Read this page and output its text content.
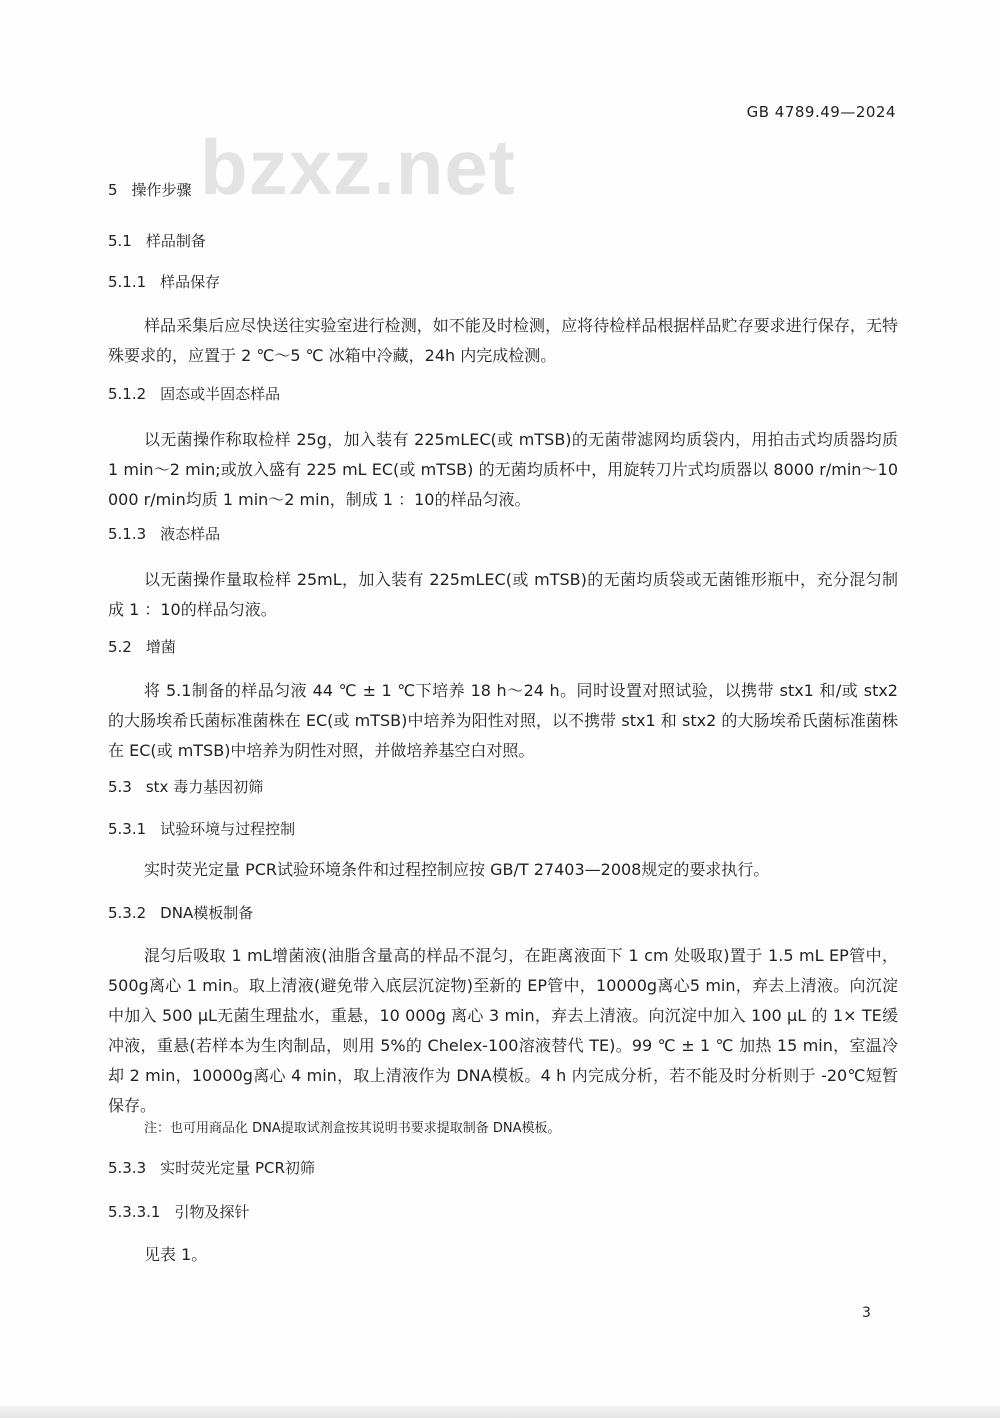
GB 4789.49—2024
bzxz.net
5 操作步骤
5.1 样品制备
5.1.1 样品保存
样品采集后应尽快送往实验室进行检测，如不能及时检测，应将待检样品根据样品贮存要求进行保存，无特殊要求的，应置于 2 ℃～5 ℃ 冰箱中冷藏，24h 内完成检测。
5.1.2 固态或半固态样品
以无菌操作称取检样 25g，加入装有 225mLEC(或 mTSB)的无菌带滤网均质袋内，用拍击式均质器均质 1 min～2 min;或放入盛有 225 mL EC(或 mTSB) 的无菌均质杯中，用旋转刀片式均质器以 8000 r/min～10 000 r/min均质 1 min～2 min，制成 1 ：10的样品匀液。
5.1.3 液态样品
以无菌操作量取检样 25mL，加入装有 225mLEC(或 mTSB)的无菌均质袋或无菌锥形瓶中，充分混匀制成 1 ：10的样品匀液。
5.2 增菌
将 5.1制备的样品匀液 44 ℃ ± 1 ℃下培养 18 h～24 h。同时设置对照试验，以携带 stx1 和/或 stx2 的大肠埃希氏菌标准菌株在 EC(或 mTSB)中培养为阳性对照，以不携带 stx1 和 stx2 的大肠埃希氏菌标准菌株在 EC(或 mTSB)中培养为阴性对照，并做培养基空白对照。
5.3 stx 毒力基因初筛
5.3.1 试验环境与过程控制
实时荧光定量 PCR试验环境条件和过程控制应按 GB/T 27403—2008规定的要求执行。
5.3.2 DNA模板制备
混匀后吸取 1 mL增菌液(油脂含量高的样品不混匀，在距离液面下 1 cm 处吸取)置于 1.5 mL EP管中，500g离心 1 min。取上清液(避免带入底层沉淀物)至新的 EP管中，10000g离心5 min，弃去上清液。向沉淀中加入 500 μL无菌生理盐水，重悬，10 000g 离心 3 min，弃去上清液。向沉淀中加入 100 μL 的 1× TE缓冲液，重悬(若样本为生肉制品，则用 5%的 Chelex-100溶液替代 TE)。99 ℃ ± 1 ℃ 加热 15 min，室温冷却 2 min，10000g离心 4 min，取上清液作为 DNA模板。4 h 内完成分析，若不能及时分析则于 -20℃短暂保存。
注：也可用商品化 DNA提取试剂盒按其说明书要求提取制备 DNA模板。
5.3.3 实时荧光定量 PCR初筛
5.3.3.1 引物及探针
见表 1。
3
